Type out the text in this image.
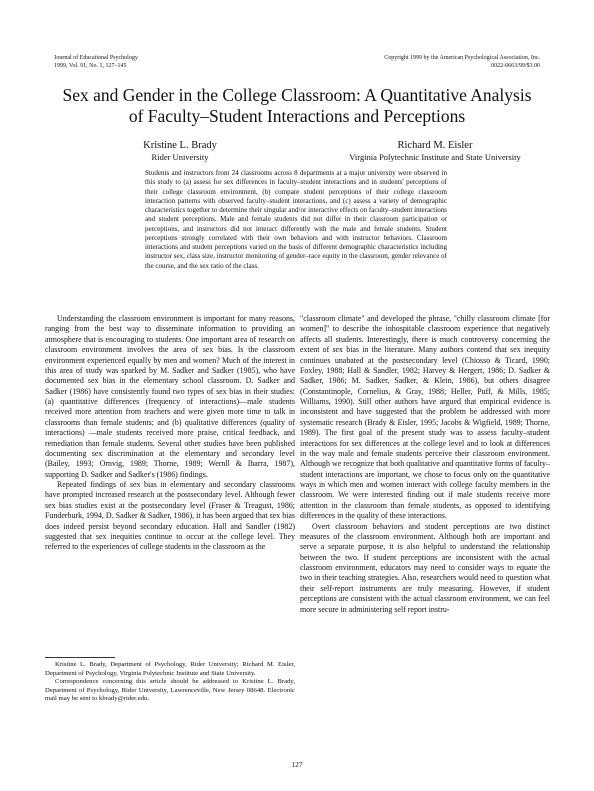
Journal of Educational Psychology
1999, Vol. 91, No. 1, 127–145
Copyright 1999 by the American Psychological Association, Inc.
0022-0663/99/$3.00
Sex and Gender in the College Classroom: A Quantitative Analysis
of Faculty–Student Interactions and Perceptions
Kristine L. Brady
Rider University
Richard M. Eisler
Virginia Polytechnic Institute and State University
Students and instructors from 24 classrooms across 8 departments at a major university were observed in this study to (a) assess for sex differences in faculty–student interactions and in students' perceptions of their college classroom environment, (b) compare student perceptions of their college classroom interaction patterns with observed faculty–student interactions, and (c) assess a variety of demographic characteristics together to determine their singular and/or interactive effects on faculty–student interactions and student perceptions. Male and female students did not differ in their classroom participation or perceptions, and instructors did not interact differently with the male and female students. Student perceptions strongly correlated with their own behaviors and with instructor behaviors. Classroom interactions and student perceptions varied on the basis of different demographic characteristics including instructor sex, class size, instructor monitoring of gender–race equity in the classroom, gender relevance of the course, and the sex ratio of the class.

Understanding the classroom environment is important for many reasons, ranging from the best way to disseminate information to providing an atmosphere that is encouraging to students. One important area of research on classroom environment involves the area of sex bias. Is the classroom environment experienced equally by men and women? Much of the interest in this area of study was sparked by M. Sadker and Sadker (1985), who have documented sex bias in the elementary school classroom. D. Sadker and Sadker (1986) have consistently found two types of sex bias in their studies: (a) quantitative differences (frequency of interactions)—male students received more attention from teachers and were given more time to talk in classrooms than female students; and (b) qualitative differences (quality of interactions) —male students received more praise, critical feedback, and remediation than female students. Several other studies have been published documenting sex discrimination at the elementary and secondary level (Bailey, 1993; Ornvig, 1989; Thorne, 1989; Wernll & Ibarra, 1987), supporting D. Sadker and Sadker's (1986) findings.

Repeated findings of sex bias in elementary and secondary classrooms have prompted increased research at the postsecondary level. Although fewer sex bias studies exist at the postsecondary level (Fraser & Treagust, 1986; Funderburk, 1994, D. Sadker & Sadker, 1986), it has been argued that sex bias does indeed persist beyond secondary education. Hall and Sandler (1982) suggested that sex inequities continue to occur at the college level. They referred to the experiences of college students in the classroom as the

"classroom climate" and developed the phrase, "chilly classroom climate [for women]" to describe the inhospitable classroom experience that negatively affects all students. Interestingly, there is much controversy concerning the extent of sex bias in the literature. Many authors contend that sex inequity continues unabated at the postsecondary level (Chiosso & Ticard, 1990; Foxley, 1988; Hall & Sandler, 1982; Harvey & Hergert, 1986; D. Sadker & Sadker, 1986; M. Sadker, Sadker, & Klein, 1986), but others disagree (Constantinople, Cornelius, & Gray, 1988; Heller, Puff, & Mills, 1985; Williams, 1990). Still other authors have argued that empirical evidence is inconsistent and have suggested that the problem be addressed with more systematic research (Brady & Eisler, 1995; Jacobs & Wigfield, 1989; Thorne, 1989). The first goal of the present study was to assess faculty–student interactions for sex differences at the college level and to look at differences in the way male and female students perceive their classroom environment. Although we recognize that both qualitative and quantitative forms of faculty–student interactions are important, we chose to focus only on the quantitative ways in which men and women interact with college faculty members in the classroom. We were interested finding out if male students receive more attention in the classroom than female students, as opposed to identifying differences in the quality of these interactions.

Overt classroom behaviors and student perceptions are two distinct measures of the classroom environment. Although both are important and serve a separate purpose, it is also helpful to understand the relationship between the two. If student perceptions are inconsistent with the actual classroom environment, educators may need to consider ways to equate the two in their teaching strategies. Also, researchers would need to question what their self-report instruments are truly measuring. However, if student perceptions are consistent with the actual classroom environment, we can feel more secure in administering self report instru-

Kristine L. Brady, Department of Psychology, Rider University; Richard M. Eisler, Department of Psychology, Virginia Polytechnic Institute and State University.

Correspondence concerning this article should be addressed to Kristine L. Brady, Department of Psychology, Rider University, Lawrenceville, New Jersey 08648. Electronic mail may be sent to kbrady@rider.edu.

127
